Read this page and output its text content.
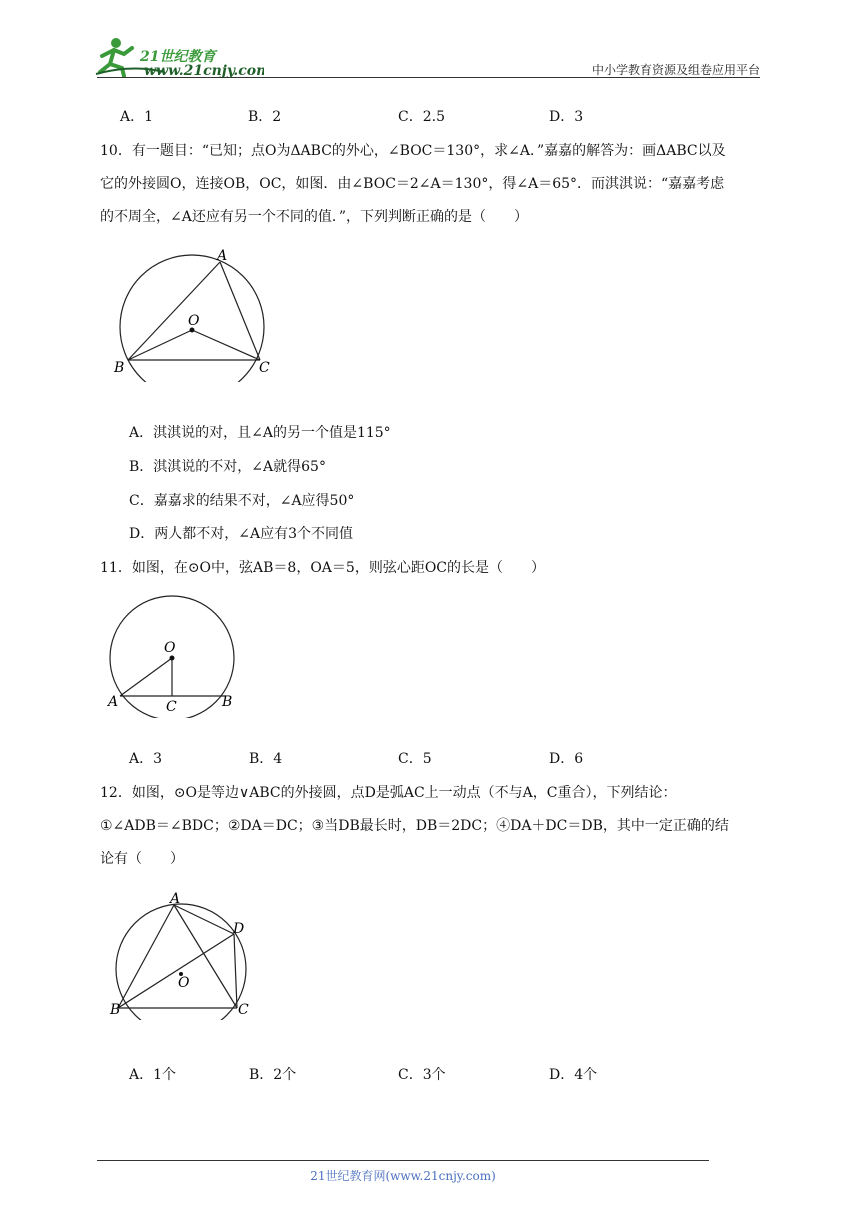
21世纪教育
www.21cnjy.com	中小学教育资源及组卷应用平台
A．1	B．2	C．2.5	D．3
10．有一题目：“已知；点O为ΔABC的外心，∠BOC＝130°，求∠A．”嘉嘉的解答为：画ΔABC以及
它的外接圆O，连接OB，OC，如图．由∠BOC＝2∠A＝130°，得∠A＝65°．而淇淇说：“嘉嘉考虑
的不周全，∠A还应有另一个不同的值．”，下列判断正确的是（　　）
A
B	C
O
A．淇淇说的对，且∠A的另一个值是115°
B．淇淇说的不对，∠A就得65°
C．嘉嘉求的结果不对，∠A应得50°
D．两人都不对，∠A应有3个不同值
11．如图，在⊙O中，弦AB＝8，OA＝5，则弦心距OC的长是（　　）
O
A	B
C
A．3	B．4	C．5	D．6
12．如图，⊙O是等边∨ABC的外接圆，点D是弧AC上一动点（不与A，C重合），下列结论：
①∠ADB＝∠BDC；②DA＝DC；③当DB最长时，DB＝2DC；④DA＋DC＝DB，其中一定正确的结
论有（　　）
A
D
B	C
O
A．1个	B．2个	C．3个	D．4个
21世纪教育网(www.21cnjy.com)
